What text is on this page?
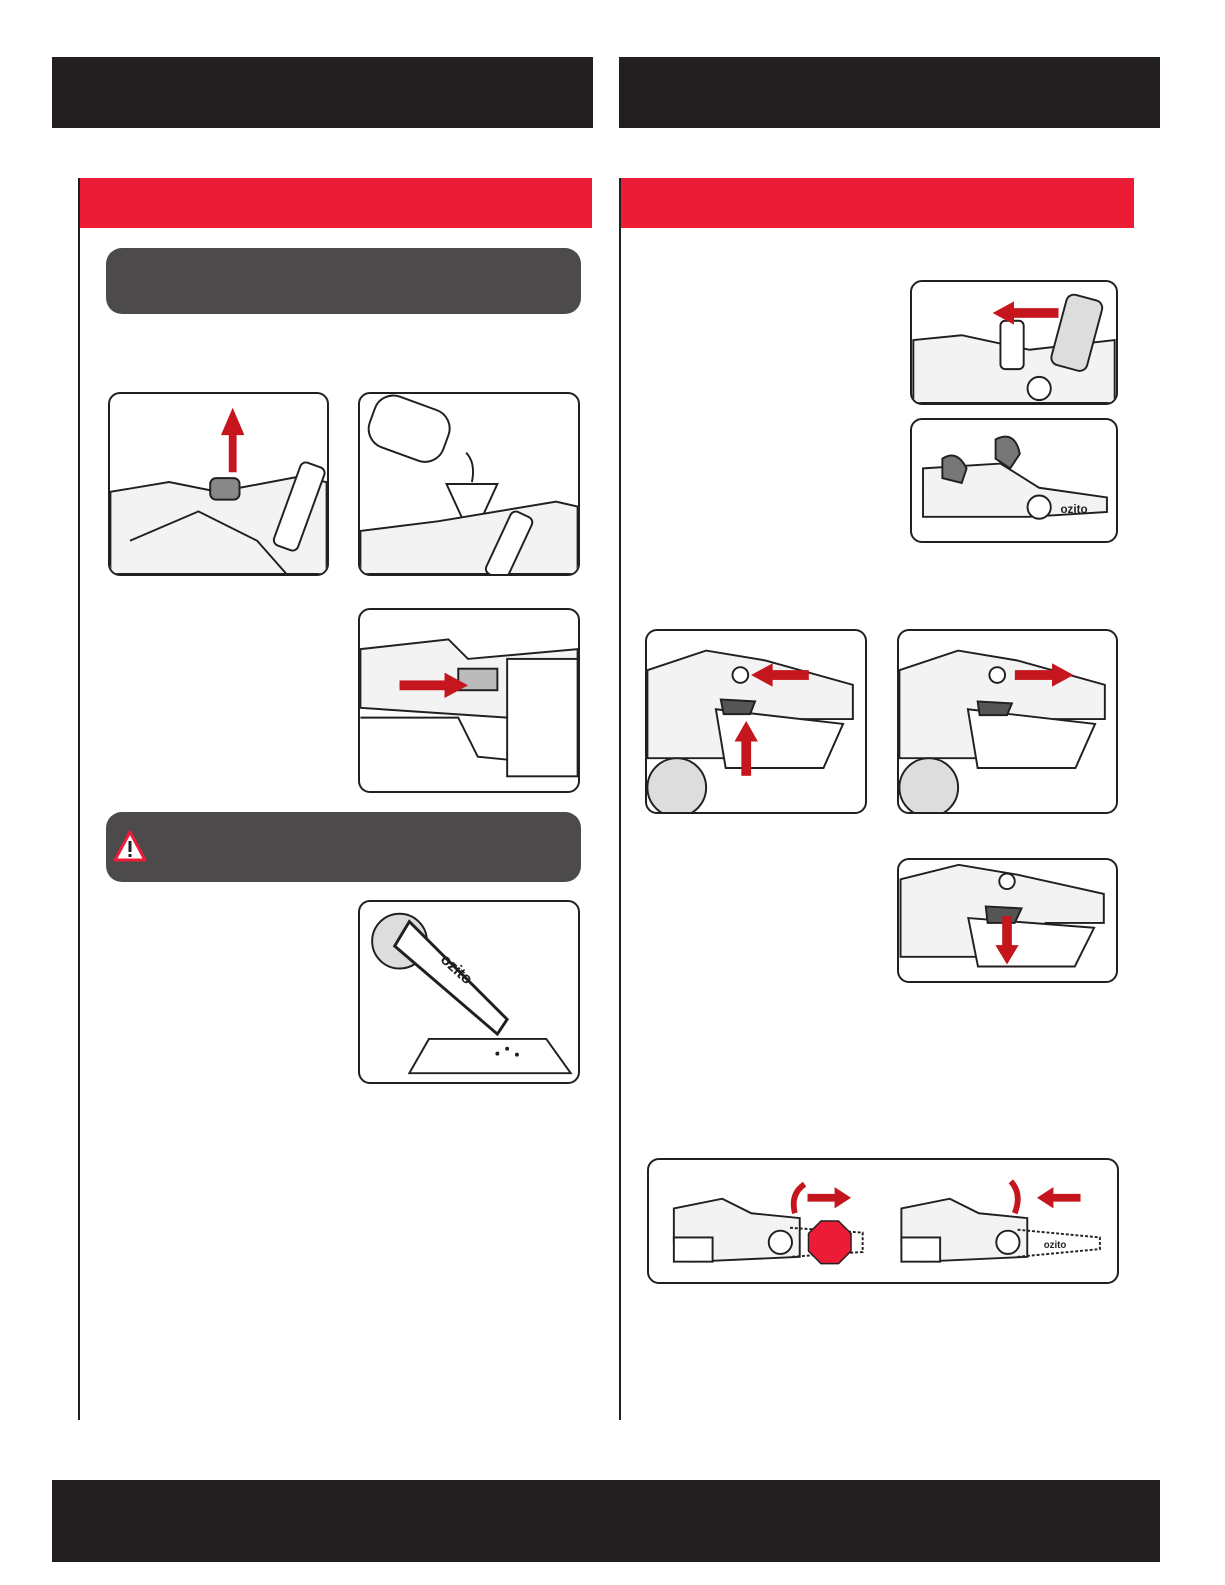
ozito
ozito
ozito
